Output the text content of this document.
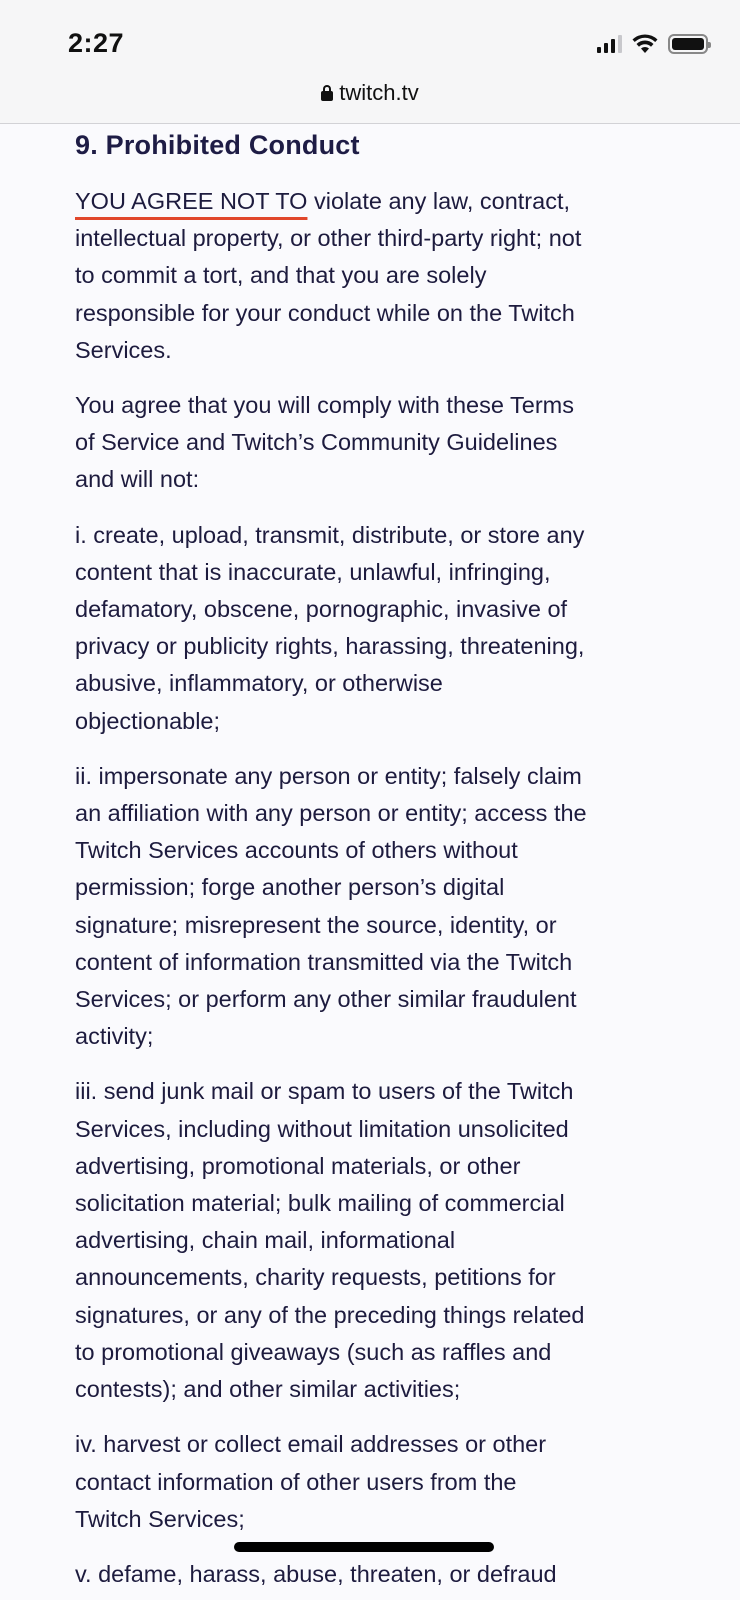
2:27
twitch.tv
9. Prohibited Conduct

YOU AGREE NOT TO violate any law, contract,
intellectual property, or other third-party right; not
to commit a tort, and that you are solely
responsible for your conduct while on the Twitch
Services.

You agree that you will comply with these Terms
of Service and Twitch’s Community Guidelines
and will not:

i. create, upload, transmit, distribute, or store any
content that is inaccurate, unlawful, infringing,
defamatory, obscene, pornographic, invasive of
privacy or publicity rights, harassing, threatening,
abusive, inflammatory, or otherwise
objectionable;

ii. impersonate any person or entity; falsely claim
an affiliation with any person or entity; access the
Twitch Services accounts of others without
permission; forge another person’s digital
signature; misrepresent the source, identity, or
content of information transmitted via the Twitch
Services; or perform any other similar fraudulent
activity;

iii. send junk mail or spam to users of the Twitch
Services, including without limitation unsolicited
advertising, promotional materials, or other
solicitation material; bulk mailing of commercial
advertising, chain mail, informational
announcements, charity requests, petitions for
signatures, or any of the preceding things related
to promotional giveaways (such as raffles and
contests); and other similar activities;

iv. harvest or collect email addresses or other
contact information of other users from the
Twitch Services;

v. defame, harass, abuse, threaten, or defraud
